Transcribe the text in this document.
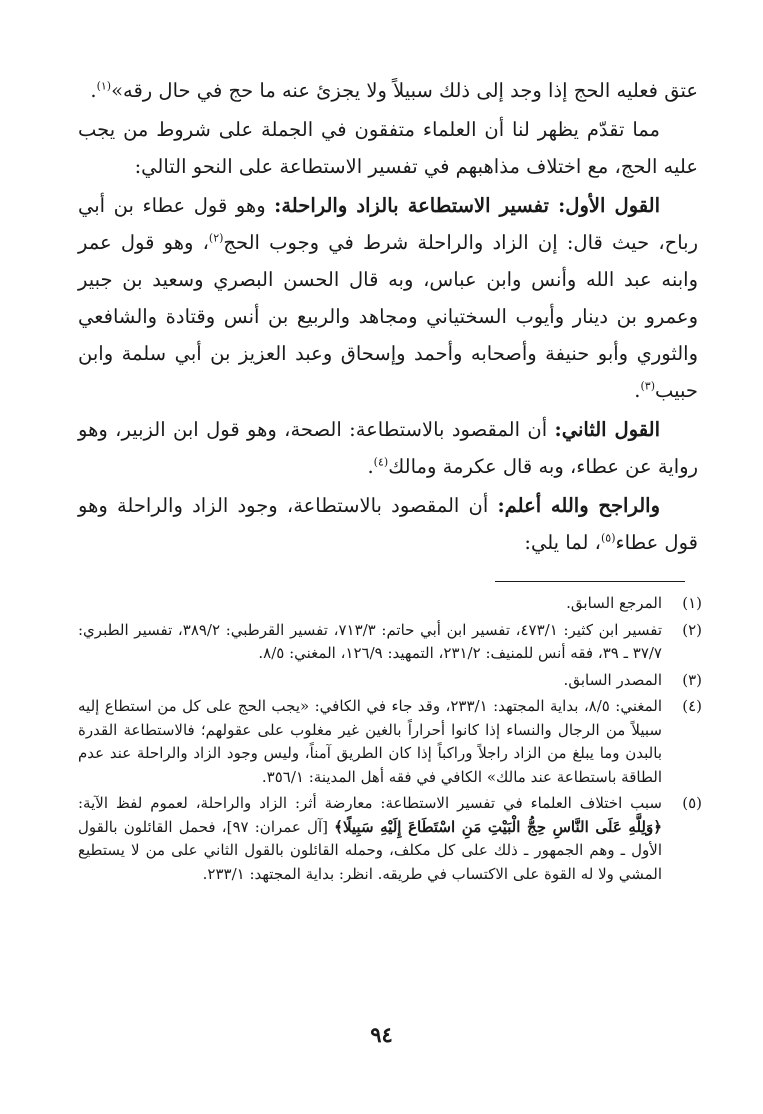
عتق فعليه الحج إذا وجد إلى ذلك سبيلاً ولا يجزئ عنه ما حج في حال رقه»$^{(١)}$.

مما تقدّم يظهر لنا أن العلماء متفقون في الجملة على شروط من يجب عليه الحج، مع اختلاف مذاهبهم في تفسير الاستطاعة على النحو التالي:

القول الأول: تفسير الاستطاعة بالزاد والراحلة: وهو قول عطاء بن أبي رباح، حيث قال: إن الزاد والراحلة شرط في وجوب الحج$^{(٢)}$، وهو قول عمر وابنه عبد الله وأنس وابن عباس، وبه قال الحسن البصري وسعيد بن جبير وعمرو بن دينار وأيوب السختياني ومجاهد والربيع بن أنس وقتادة والشافعي والثوري وأبو حنيفة وأصحابه وأحمد وإسحاق وعبد العزيز بن أبي سلمة وابن حبيب$^{(٣)}$.

القول الثاني: أن المقصود بالاستطاعة: الصحة، وهو قول ابن الزبير، وهو رواية عن عطاء، وبه قال عكرمة ومالك$^{(٤)}$.

والراجح والله أعلم: أن المقصود بالاستطاعة، وجود الزاد والراحلة وهو قول عطاء$^{(٥)}$، لما يلي:

(١)
المرجع السابق.
(٢)
تفسير ابن كثير: ٤٧٣/١، تفسير ابن أبي حاتم: ٧١٣/٣، تفسير القرطبي: ٣٨٩/٢، تفسير الطبري: ٣٧/٧ ـ ٣٩، فقه أنس للمنيف: ٢٣١/٢، التمهيد: ١٢٦/٩، المغني: ٨/٥.
(٣)
المصدر السابق.
(٤)
المغني: ٨/٥، بداية المجتهد: ٢٣٣/١، وقد جاء في الكافي: «يجب الحج على كل من استطاع إليه سبيلاً من الرجال والنساء إذا كانوا أحراراً بالغين غير مغلوب على عقولهم؛ فالاستطاعة القدرة بالبدن وما يبلغ من الزاد راجلاً وراكباً إذا كان الطريق آمناً، وليس وجود الزاد والراحلة عند عدم الطاقة باستطاعة عند مالك» الكافي في فقه أهل المدينة: ٣٥٦/١.
(٥)
سبب اختلاف العلماء في تفسير الاستطاعة: معارضة أثر: الزاد والراحلة، لعموم لفظ الآية: ﴿وَلِلَّهِ عَلَى النَّاسِ حِجُّ الْبَيْتِ مَنِ اسْتَطَاعَ إِلَيْهِ سَبِيلًا﴾ [آل عمران: ٩٧]، فحمل القائلون بالقول الأول ـ وهم الجمهور ـ ذلك على كل مكلف، وحمله القائلون بالقول الثاني على من لا يستطيع المشي ولا له القوة على الاكتساب في طريقه. انظر: بداية المجتهد: ٢٣٣/١.
٩٤
